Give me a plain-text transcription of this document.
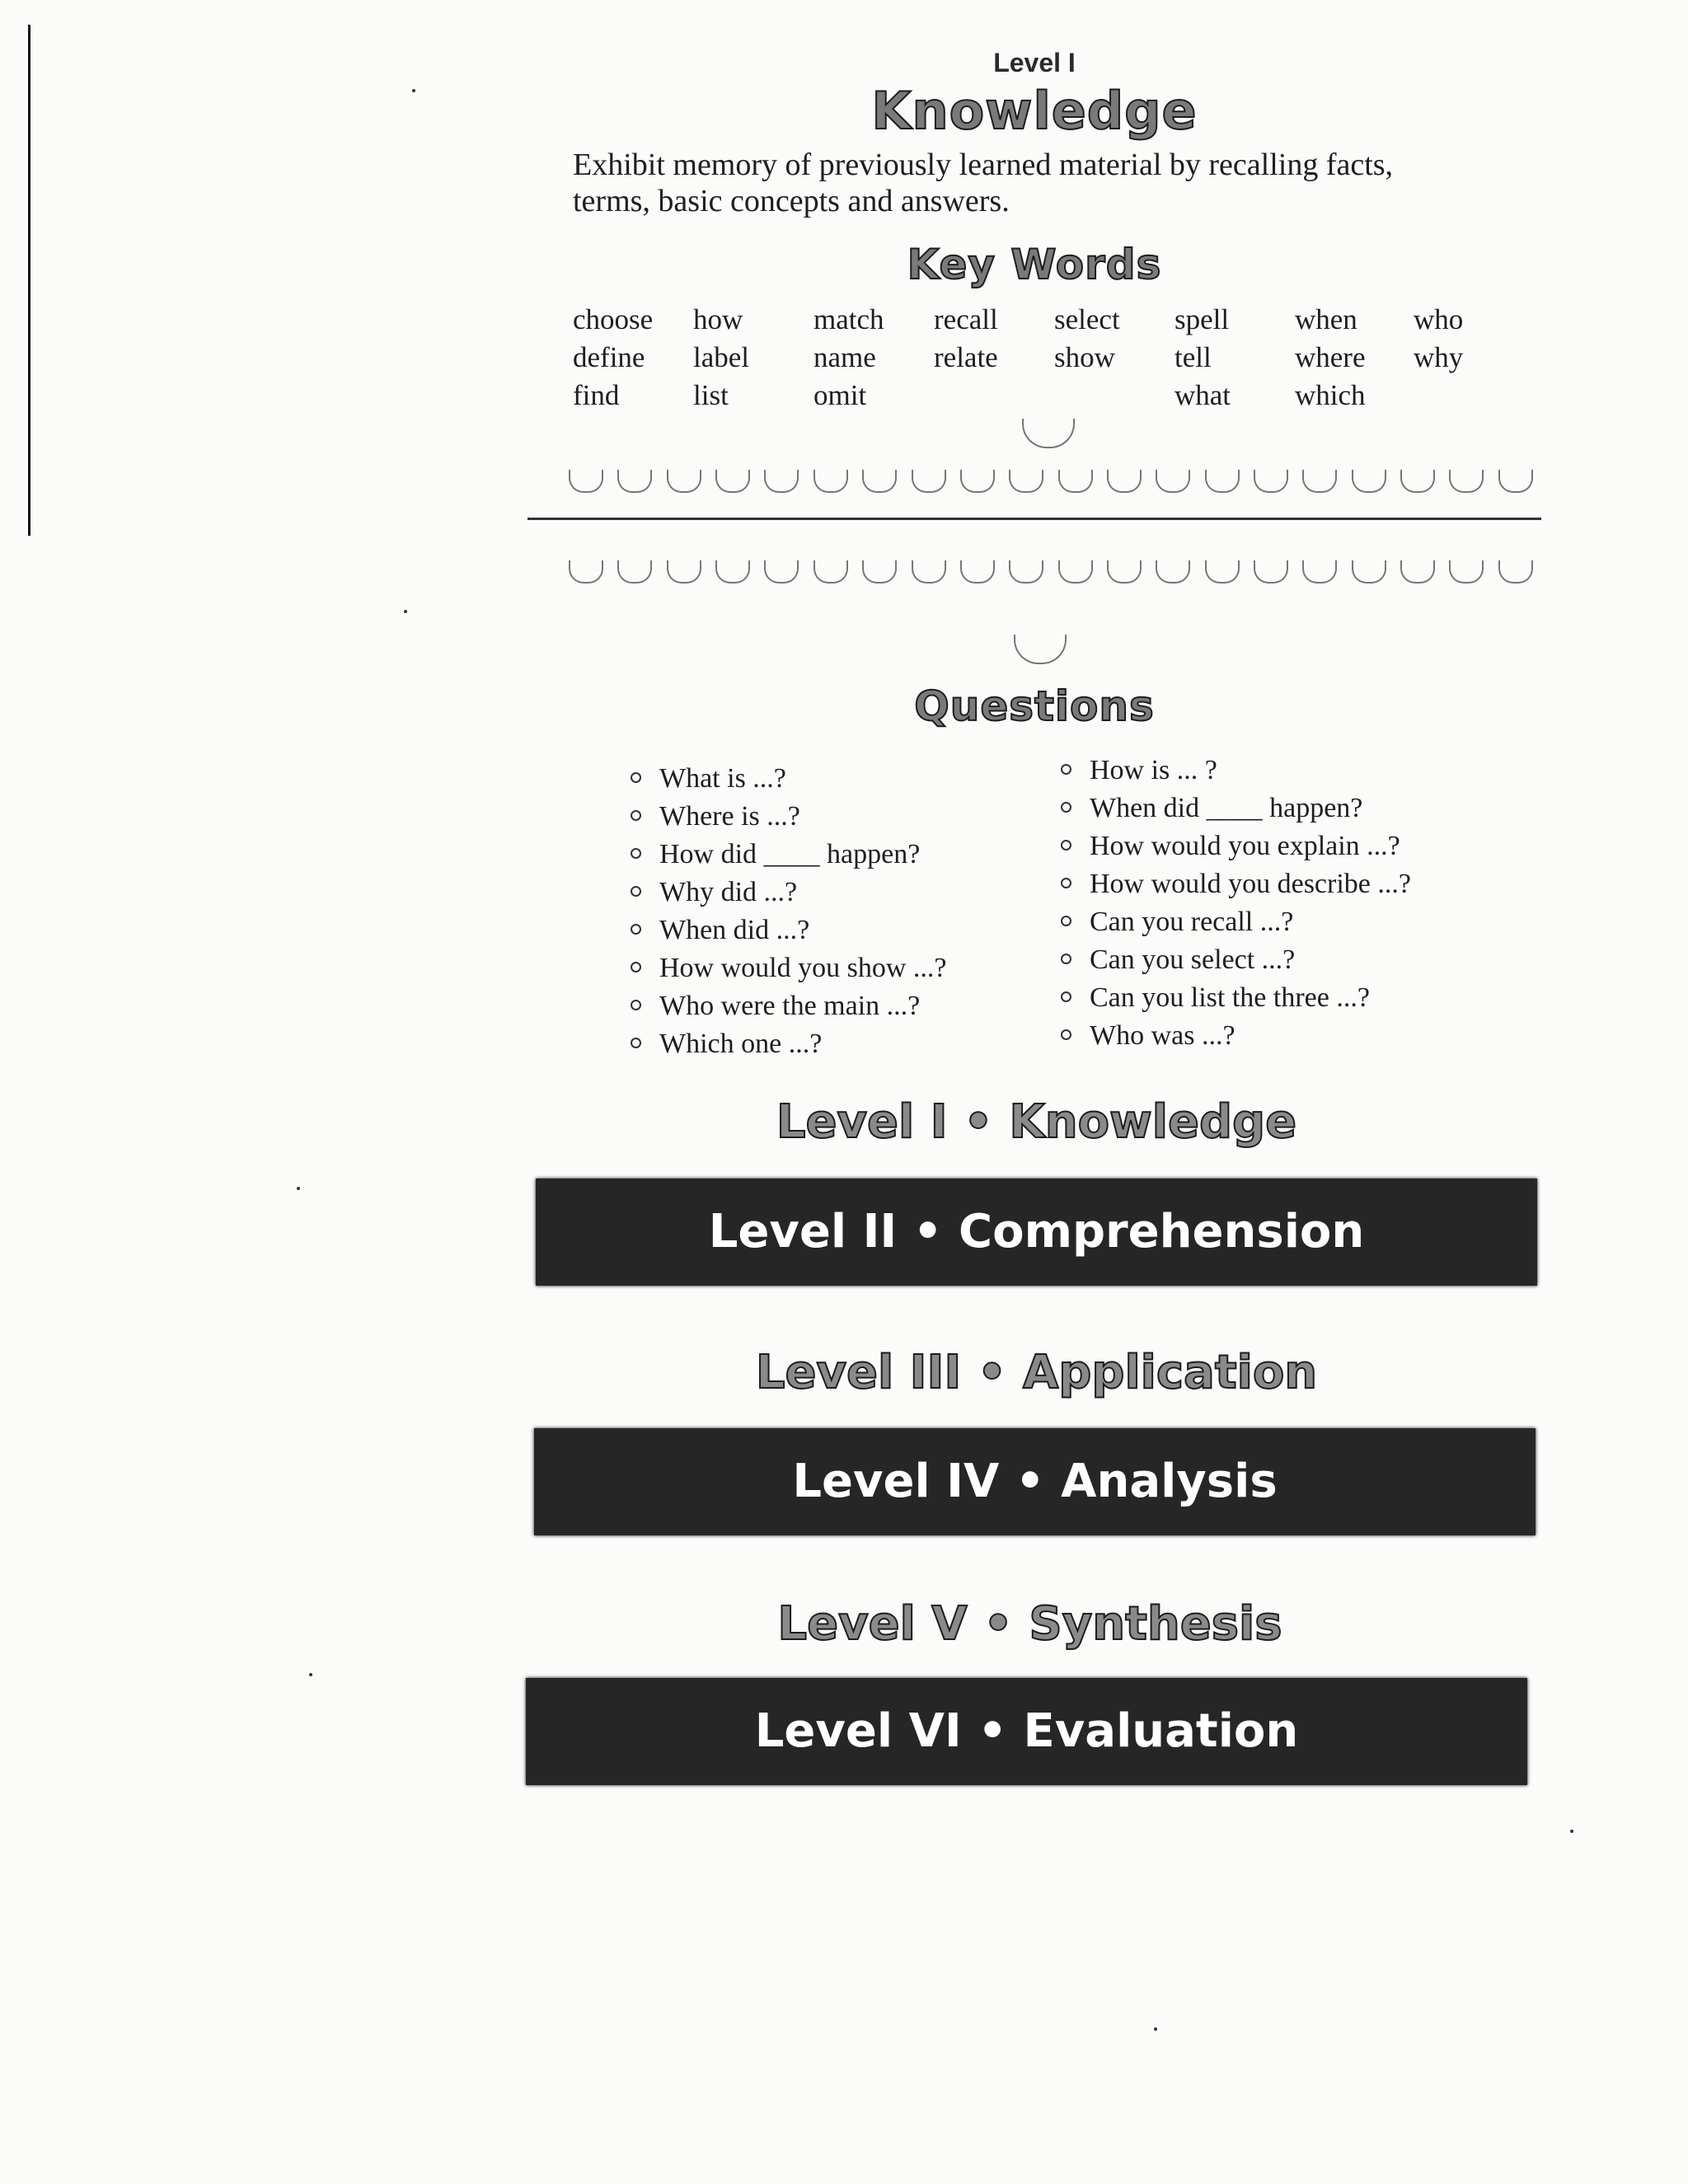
Level I
Knowledge
Exhibit memory of previously learned material by recalling facts, terms, basic concepts and answers.
Key Words
choose
define
find
how
label
list
match
name
omit
recall
relate
select
show
spell
tell
what
when
where
which
who
why
Questions
What is ...?
Where is ...?
How did ____ happen?
Why did ...?
When did ...?
How would you show ...?
Who were the main ...?
Which one ...?
How is ... ?
When did ____ happen?
How would you explain ...?
How would you describe ...?
Can you recall ...?
Can you select ...?
Can you list the three ...?
Who was ...?
Level I • Knowledge
Level II • Comprehension
Level III • Application
Level IV • Analysis
Level V • Synthesis
Level VI • Evaluation
